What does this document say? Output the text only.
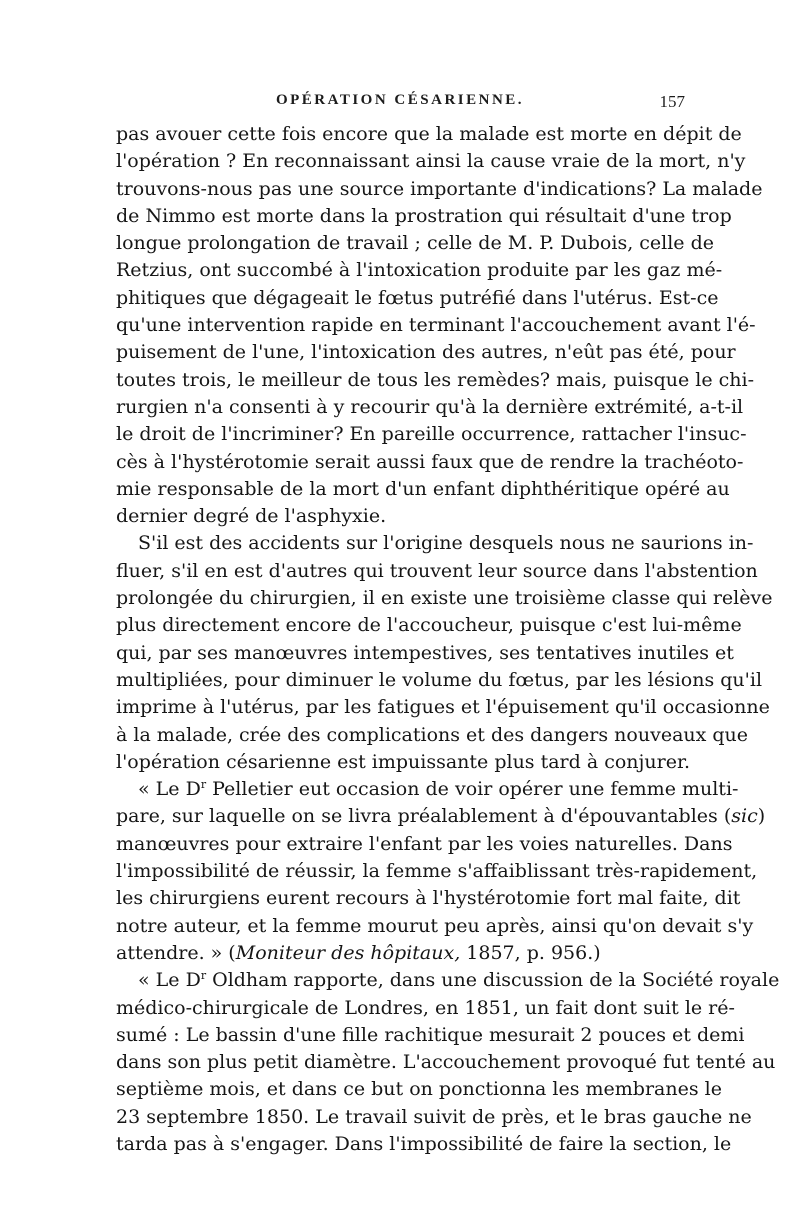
OPÉRATION CÉSARIENNE.	157
pas avouer cette fois encore que la malade est morte en dépit de
l'opération ? En reconnaissant ainsi la cause vraie de la mort, n'y
trouvons-nous pas une source importante d'indications? La malade
de Nimmo est morte dans la prostration qui résultait d'une trop
longue prolongation de travail ; celle de M. P. Dubois, celle de
Retzius, ont succombé à l'intoxication produite par les gaz mé-
phitiques que dégageait le fœtus putréfié dans l'utérus. Est-ce
qu'une intervention rapide en terminant l'accouchement avant l'é-
puisement de l'une, l'intoxication des autres, n'eût pas été, pour
toutes trois, le meilleur de tous les remèdes? mais, puisque le chi-
rurgien n'a consenti à y recourir qu'à la dernière extrémité, a-t-il
le droit de l'incriminer? En pareille occurrence, rattacher l'insuc-
cès à l'hystérotomie serait aussi faux que de rendre la trachéoto-
mie responsable de la mort d'un enfant diphthéritique opéré au
dernier degré de l'asphyxie.
S'il est des accidents sur l'origine desquels nous ne saurions in-
fluer, s'il en est d'autres qui trouvent leur source dans l'abstention
prolongée du chirurgien, il en existe une troisième classe qui relève
plus directement encore de l'accoucheur, puisque c'est lui-même
qui, par ses manœuvres intempestives, ses tentatives inutiles et
multipliées, pour diminuer le volume du fœtus, par les lésions qu'il
imprime à l'utérus, par les fatigues et l'épuisement qu'il occasionne
à la malade, crée des complications et des dangers nouveaux que
l'opération césarienne est impuissante plus tard à conjurer.
« Le $D^r$ Pelletier eut occasion de voir opérer une femme multi-
pare, sur laquelle on se livra préalablement à d'épouvantables (sic)
manœuvres pour extraire l'enfant par les voies naturelles. Dans
l'impossibilité de réussir, la femme s'affaiblissant très-rapidement,
les chirurgiens eurent recours à l'hystérotomie fort mal faite, dit
notre auteur, et la femme mourut peu après, ainsi qu'on devait s'y
attendre. » (Moniteur des hôpitaux, 1857, p. 956.)
« Le $D^r$ Oldham rapporte, dans une discussion de la Société royale
médico-chirurgicale de Londres, en 1851, un fait dont suit le ré-
sumé : Le bassin d'une fille rachitique mesurait 2 pouces et demi
dans son plus petit diamètre. L'accouchement provoqué fut tenté au
septième mois, et dans ce but on ponctionna les membranes le
23 septembre 1850. Le travail suivit de près, et le bras gauche ne
tarda pas à s'engager. Dans l'impossibilité de faire la section, le
